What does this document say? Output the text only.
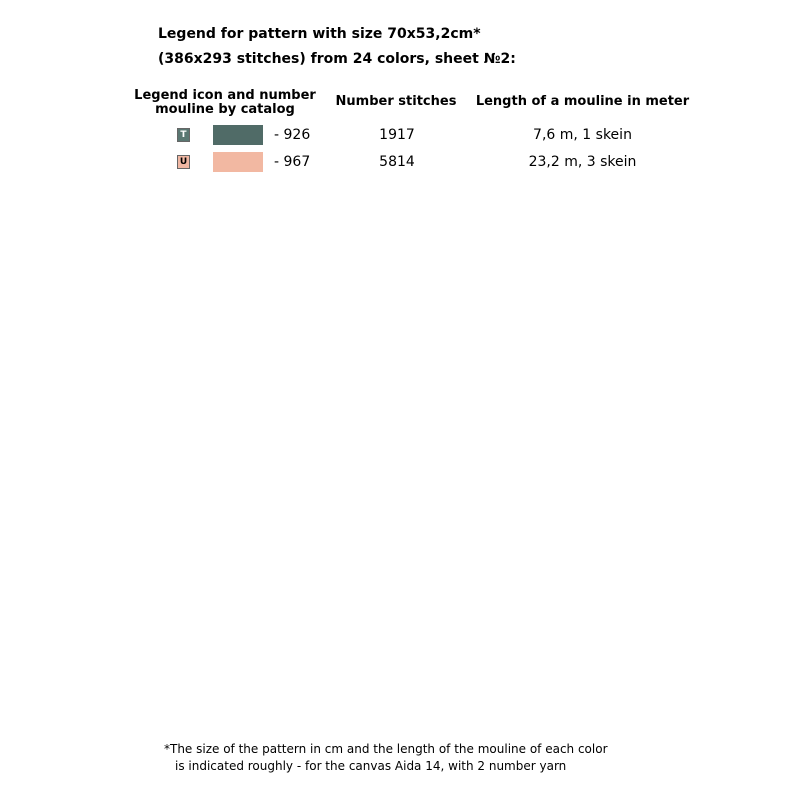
Legend for pattern with size 70x53,2cm*
(386x293 stitches) from 24 colors, sheet №2:
Legend icon and number
mouline by catalog
Number stitches	Length of a mouline in meter
T	- 926	1917	7,6 m, 1 skein
U	- 967	5814	23,2 m, 3 skein
*The size of the pattern in cm and the length of the mouline of each color
is indicated roughly - for the canvas Aida 14, with 2 number yarn
